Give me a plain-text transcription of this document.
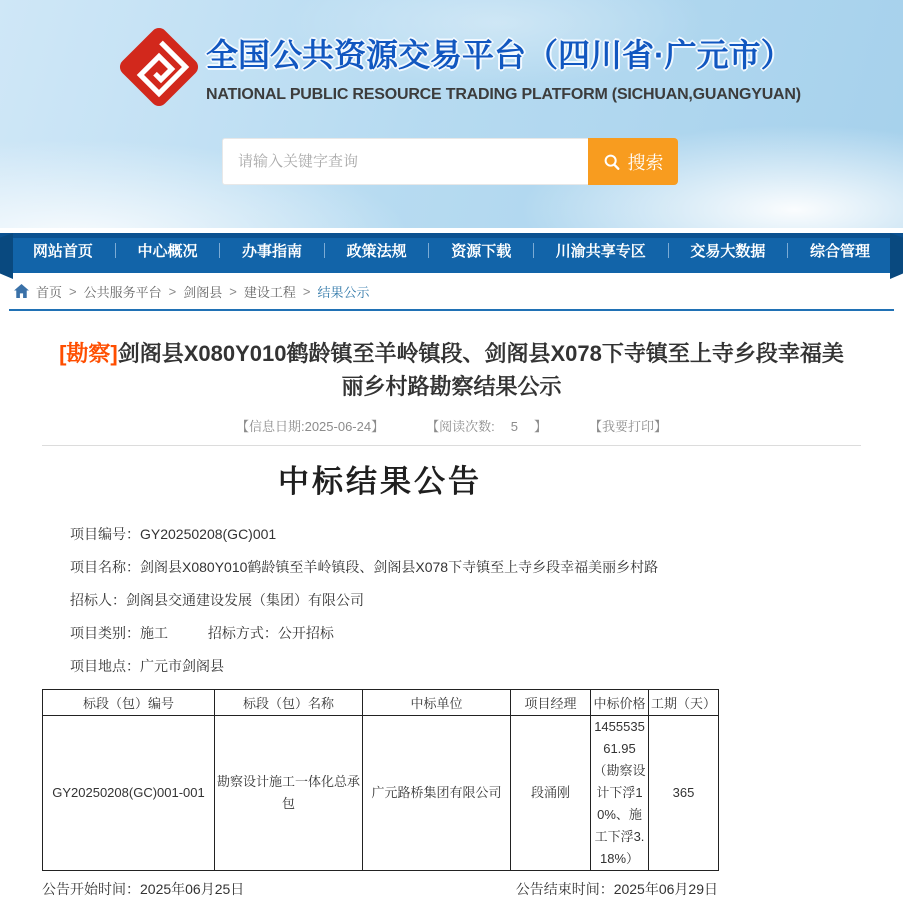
全国公共资源交易平台（四川省·广元市）
NATIONAL PUBLIC RESOURCE TRADING PLATFORM (SICHUAN,GUANGYUAN)
请输入关键字查询
搜索
网站首页	中心概况	办事指南	政策法规	资源下载	川渝共享专区	交易大数据	综合管理
首页 > 公共服务平台 > 剑阁县 > 建设工程 > 结果公示
[勘察]剑阁县X080Y010鹤龄镇至羊岭镇段、剑阁县X078下寺镇至上寺乡段幸福美丽乡村路勘察结果公示
【信息日期:2025-06-24】	【阅读次数: 5 】	【我要打印】
中标结果公告
项目编号：GY20250208(GC)001
项目名称：剑阁县X080Y010鹤龄镇至羊岭镇段、剑阁县X078下寺镇至上寺乡段幸福美丽乡村路
招标人：剑阁县交通建设发展（集团）有限公司
项目类别：施工	招标方式：公开招标
项目地点：广元市剑阁县
标段（包）编号	标段（包）名称	中标单位	项目经理	中标价格	工期（天）
GY20250208(GC)001-001	勘察设计施工一体化总承包	广元路桥集团有限公司	段涌刚	145553561.95（勘察设计下浮10%、施工下浮3.18%）	365
公告开始时间：2025年06月25日	公告结束时间：2025年06月29日
